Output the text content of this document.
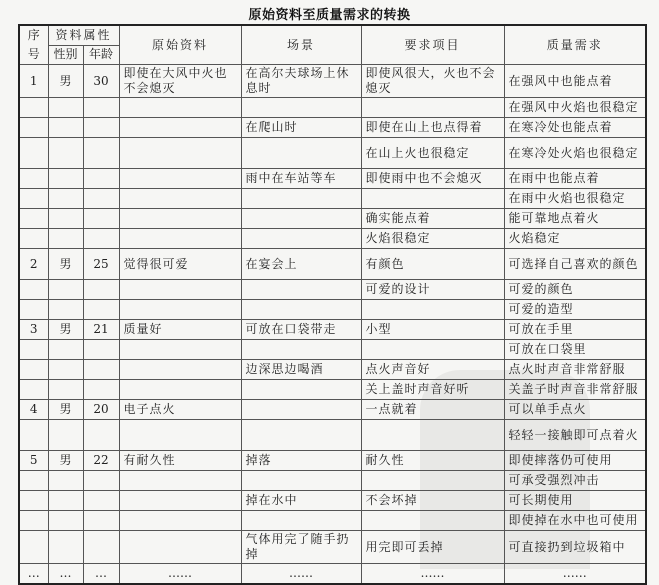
原始资料至质量需求的转换
序号	资料属性		原始资料	场景	要求项目	质量需求
	性别	年龄				
1	男	30	即使在大风中火也不会熄灭	在高尔夫球场上休息时	即使风很大，火也不会熄灭	在强风中也能点着
						在强风中火焰也很稳定
				在爬山时	即使在山上也点得着	在寒冷处也能点着
					在山上火也很稳定	在寒冷处火焰也很稳定
				雨中在车站等车	即使雨中也不会熄灭	在雨中也能点着
						在雨中火焰也很稳定
					确实能点着	能可靠地点着火
					火焰很稳定	火焰稳定
2	男	25	觉得很可爱	在宴会上	有颜色	可选择自己喜欢的颜色
					可爱的设计	可爱的颜色
						可爱的造型
3	男	21	质量好	可放在口袋带走	小型	可放在手里
						可放在口袋里
				边深思边喝酒	点火声音好	点火时声音非常舒服
					关上盖时声音好听	关盖子时声音非常舒服
4	男	20	电子点火		一点就着	可以单手点火
						轻轻一接触即可点着火
5	男	22	有耐久性	掉落	耐久性	即使摔落仍可使用
						可承受强烈冲击
				掉在水中	不会坏掉	可长期使用
						即使掉在水中也可使用
				气体用完了随手扔掉	用完即可丢掉	可直接扔到垃圾箱中
…	…	…	……	……	……	……
